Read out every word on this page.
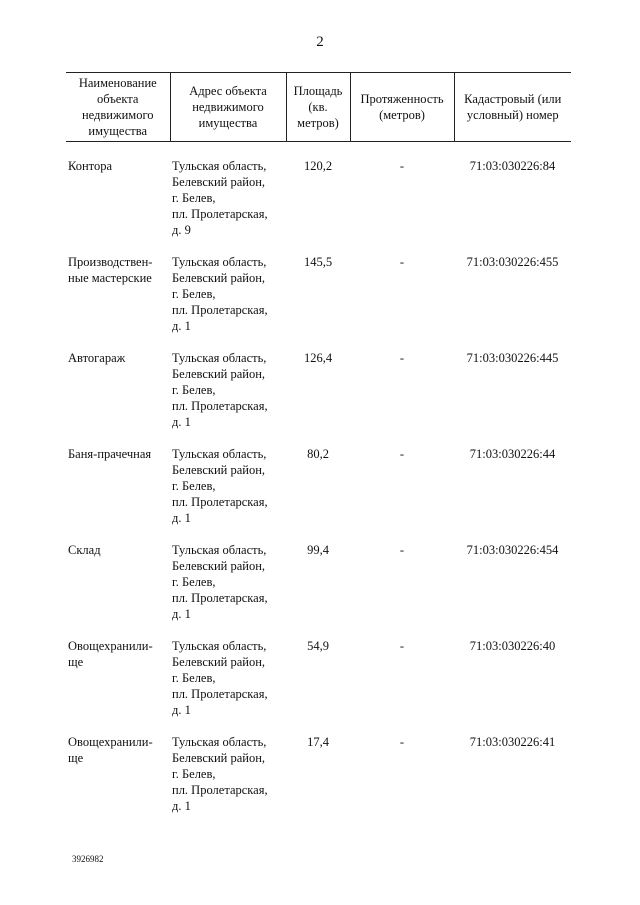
2
Наименование объекта недвижимого имущества	Адрес объекта недвижимого имущества	Площадь (кв. метров)	Протяженность (метров)	Кадастровый (или условный) номер

Контора	Тульская область,
Белевский район,
г. Белев,
пл. Пролетарская,
д. 9	120,2	-	71:03:030226:84

Производствен-
ные мастерские	Тульская область,
Белевский район,
г. Белев,
пл. Пролетарская,
д. 1	145,5	-	71:03:030226:455

Автогараж	Тульская область,
Белевский район,
г. Белев,
пл. Пролетарская,
д. 1	126,4	-	71:03:030226:445

Баня-прачечная	Тульская область,
Белевский район,
г. Белев,
пл. Пролетарская,
д. 1	80,2	-	71:03:030226:44

Склад	Тульская область,
Белевский район,
г. Белев,
пл. Пролетарская,
д. 1	99,4	-	71:03:030226:454

Овощехранили-
ще	Тульская область,
Белевский район,
г. Белев,
пл. Пролетарская,
д. 1	54,9	-	71:03:030226:40

Овощехранили-
ще	Тульская область,
Белевский район,
г. Белев,
пл. Пролетарская,
д. 1	17,4	-	71:03:030226:41
3926982
